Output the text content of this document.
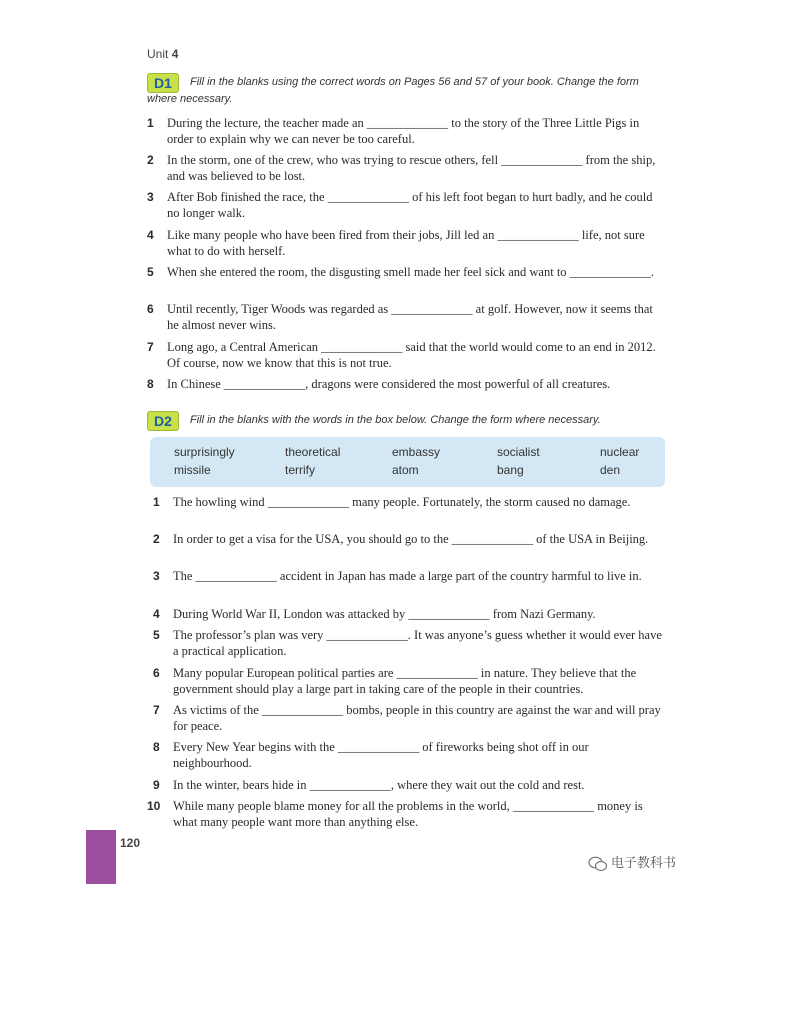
Unit 4
D1	Fill in the blanks using the correct words on Pages 56 and 57 of your book. Change the form
where necessary.
1 During the lecture, the teacher made an _____________ to the story of the Three Little Pigs in order to explain why we can never be too careful.
2 In the storm, one of the crew, who was trying to rescue others, fell _____________ from the ship, and was believed to be lost.
3 After Bob finished the race, the _____________ of his left foot began to hurt badly, and he could no longer walk.
4 Like many people who have been fired from their jobs, Jill led an _____________ life, not sure what to do with herself.
5 When she entered the room, the disgusting smell made her feel sick and want to _____________.
6 Until recently, Tiger Woods was regarded as _____________ at golf. However, now it seems that he almost never wins.
7 Long ago, a Central American _____________ said that the world would come to an end in 2012. Of course, now we know that this is not true.
8 In Chinese _____________, dragons were considered the most powerful of all creatures.
D2	Fill in the blanks with the words in the box below. Change the form where necessary.
surprisingly	theoretical	embassy	socialist	nuclear
missile	terrify	atom	bang	den
1 The howling wind _____________ many people. Fortunately, the storm caused no damage.
2 In order to get a visa for the USA, you should go to the _____________ of the USA in Beijing.
3 The _____________ accident in Japan has made a large part of the country harmful to live in.
4 During World War II, London was attacked by _____________ from Nazi Germany.
5 The professor’s plan was very _____________. It was anyone’s guess whether it would ever have a practical application.
6 Many popular European political parties are _____________ in nature. They believe that the government should play a large part in taking care of the people in their countries.
7 As victims of the _____________ bombs, people in this country are against the war and will pray for peace.
8 Every New Year begins with the _____________ of fireworks being shot off in our neighbourhood.
9 In the winter, bears hide in _____________, where they wait out the cold and rest.
10 While many people blame money for all the problems in the world, _____________ money is what many people want more than anything else.
120
电子教科书
